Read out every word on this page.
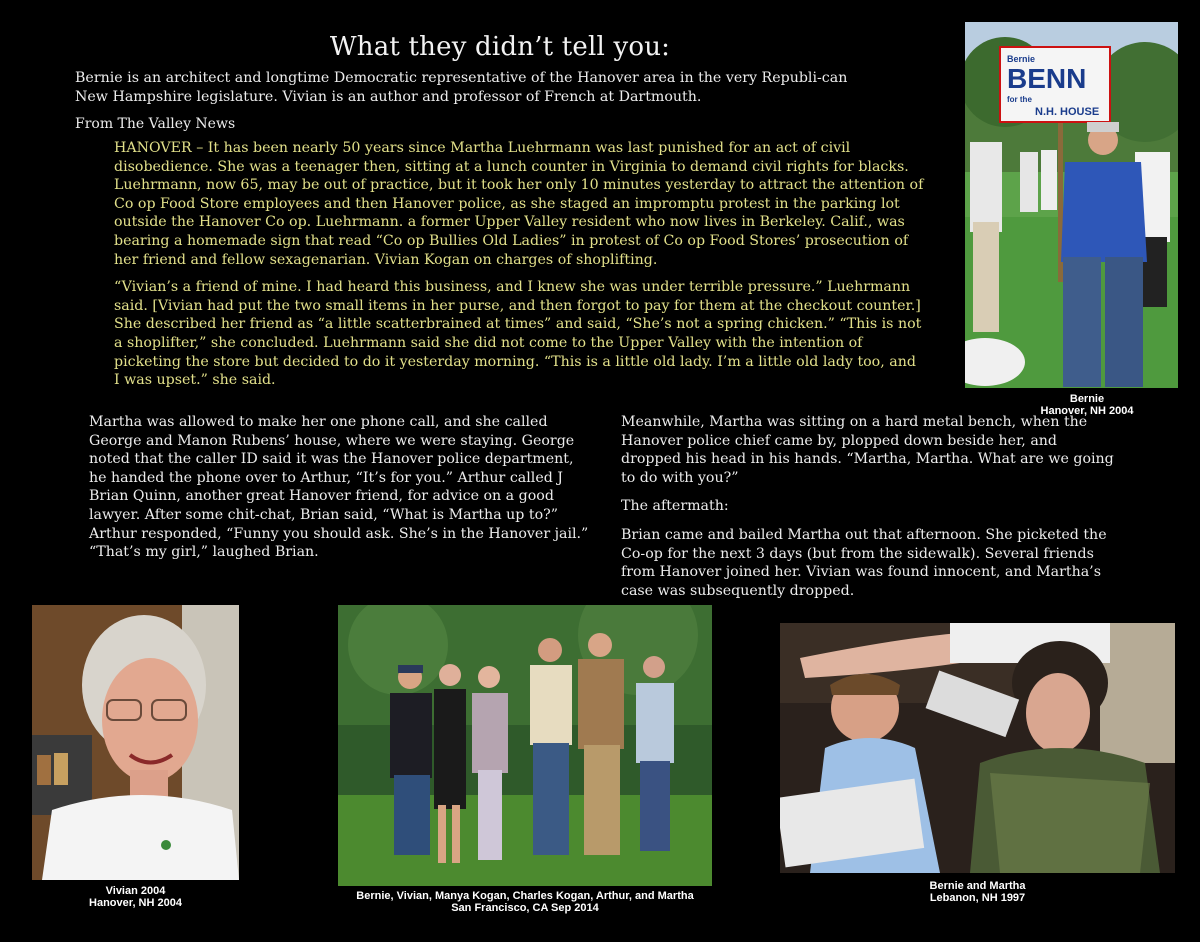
What they didn’t tell you:
Bernie is an architect and longtime Democratic representative of the Hanover area in the very Republi-can New Hampshire legislature. Vivian is an author and professor of French at Dartmouth.
From The Valley News

HANOVER – It has been nearly 50 years since Martha Luehrmann was last punished for an act of civil disobedience. She was a teenager then, sitting at a lunch counter in Virginia to demand civil rights for blacks. Luehrmann, now 65, may be out of practice, but it took her only 10 minutes yesterday to attract the attention of Co op Food Store employees and then Hanover police, as she staged an impromptu protest in the parking lot outside the Hanover Co op. Luehrmann. a former Upper Valley resident who now lives in Berkeley. Calif., was bearing a homemade sign that read “Co op Bullies Old Ladies” in protest of Co op Food Stores’ prosecution of her friend and fellow sexagenarian. Vivian Kogan on charges of shoplifting.

“Vivian’s a friend of mine. I had heard this business, and I knew she was under terrible pressure.” Luehrmann said. [Vivian had put the two small items in her purse, and then forgot to pay for them at the checkout counter.] She described her friend as “a little scatterbrained at times” and said, “She’s not a spring chicken.” “This is not a shoplifter,” she concluded. Luehrmann said she did not come to the Upper Valley with the intention of picketing the store but decided to do it yesterday morning. “This is a little old lady. I’m a little old lady too, and I was upset.” she said.

Martha was allowed to make her one phone call, and she called George and Manon Rubens’ house, where we were staying. George noted that the caller ID said it was the Hanover police department, he handed the phone over to Arthur, “It’s for you.” Arthur called J Brian Quinn, another great Hanover friend, for advice on a good lawyer. After some chit-chat, Brian said, “What is Martha up to?” Arthur responded, “Funny you should ask. She’s in the Hanover jail.” “That’s my girl,” laughed Brian.

Meanwhile, Martha was sitting on a hard metal bench, when the Hanover police chief came by, plopped down beside her, and dropped his head in his hands. “Martha, Martha. What are we going to do with you?”

The aftermath:

Brian came and bailed Martha out that afternoon. She picketed the Co-op for the next 3 days (but from the sidewalk). Several friends from Hanover joined her. Vivian was found innocent, and Martha’s case was subsequently dropped.

Bernie
BENN
for the
N.H. HOUSE
Bernie
Hanover, NH 2004
Vivian 2004
Hanover, NH 2004
Bernie, Vivian, Manya Kogan, Charles Kogan, Arthur, and Martha
San Francisco, CA Sep 2014
Bernie and Martha
Lebanon, NH 1997
